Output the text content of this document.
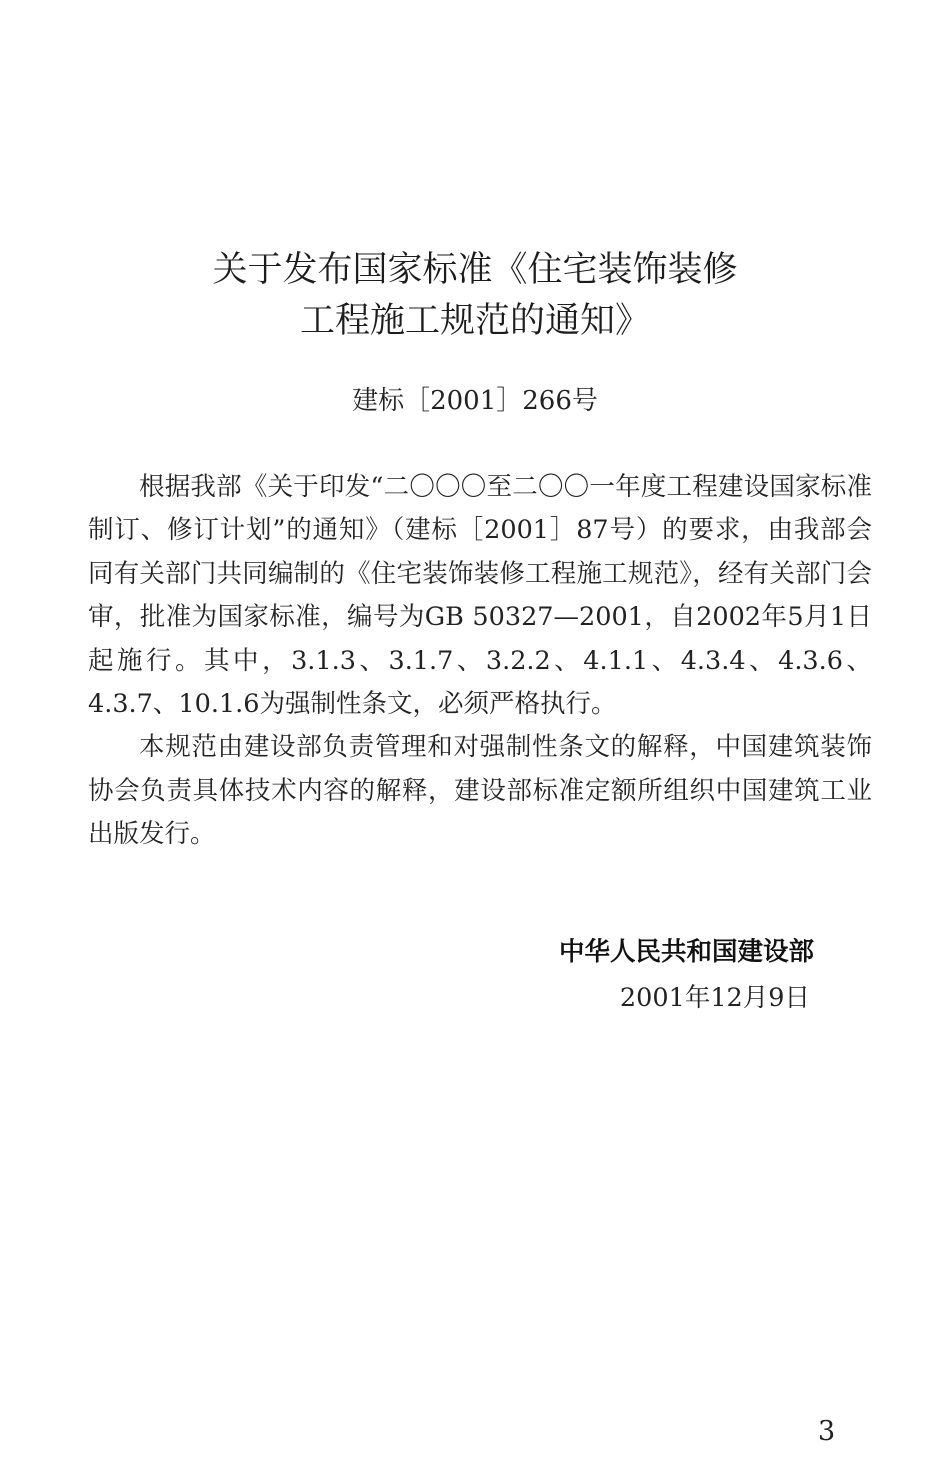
关于发布国家标准《住宅装饰装修
工程施工规范的通知》
建标［2001］266号

根据我部《关于印发“二〇〇〇至二〇〇一年度工程建设国家标准制订、修订计划”的通知》（建标［2001］87号）的要求，由我部会同有关部门共同编制的《住宅装饰装修工程施工规范》，经有关部门会审，批准为国家标准，编号为GB 50327—2001，自2002年5月1日起施行。其中，3.1.3、3.1.7、3.2.2、4.1.1、4.3.4、4.3.6、4.3.7、10.1.6为强制性条文，必须严格执行。

本规范由建设部负责管理和对强制性条文的解释，中国建筑装饰协会负责具体技术内容的解释，建设部标准定额所组织中国建筑工业出版发行。

中华人民共和国建设部
2001年12月9日
3
